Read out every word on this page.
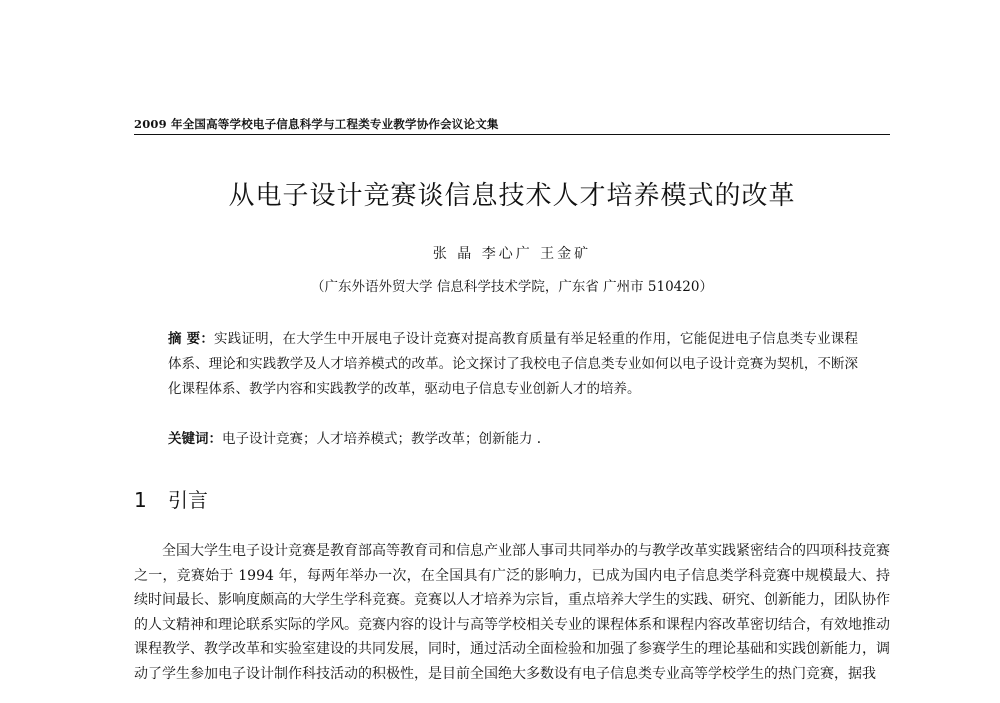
2009 年全国高等学校电子信息科学与工程类专业教学协作会议论文集
从电子设计竞赛谈信息技术人才培养模式的改革
张 晶 李心广 王金矿
（广东外语外贸大学 信息科学技术学院，广东省 广州市 510420）
摘 要：实践证明，在大学生中开展电子设计竞赛对提高教育质量有举足轻重的作用，它能促进电子信息类专业课程体系、理论和实践教学及人才培养模式的改革。论文探讨了我校电子信息类专业如何以电子设计竞赛为契机，不断深化课程体系、教学内容和实践教学的改革，驱动电子信息专业创新人才的培养。
关键词：电子设计竞赛；人才培养模式；教学改革；创新能力 .
1 引言

全国大学生电子设计竞赛是教育部高等教育司和信息产业部人事司共同举办的与教学改革实践紧密结合的四项科技竞赛之一，竞赛始于 1994 年，每两年举办一次，在全国具有广泛的影响力，已成为国内电子信息类学科竞赛中规模最大、持续时间最长、影响度颇高的大学生学科竞赛。竞赛以人才培养为宗旨，重点培养大学生的实践、研究、创新能力，团队协作的人文精神和理论联系实际的学风。竞赛内容的设计与高等学校相关专业的课程体系和课程内容改革密切结合，有效地推动课程教学、教学改革和实验室建设的共同发展，同时，通过活动全面检验和加强了参赛学生的理论基础和实践创新能力，调动了学生参加电子设计制作科技活动的积极性，是目前全国绝大多数设有电子信息类专业高等学校学生的热门竞赛，据我
